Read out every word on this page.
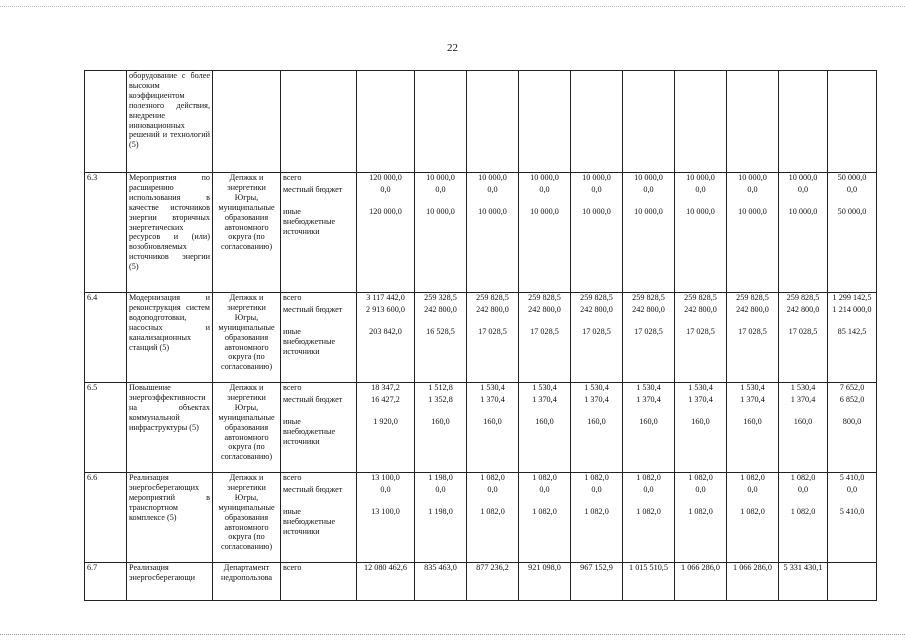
22
	оборудование с более высоким коэффициентом полезного действия, внедрение инновационных решений и технологий (5)												
6.3	Мероприятия по расширению использования в качестве источников энергии вторичных энергетических ресурсов и (или) возобновляемых источников энергии (5)	Депжкк и энергетики Югры, муниципальные образования автономного округа (по согласованию)	всего
местный бюджет
иные внебюджетные источники	120 000,0
0,0
120 000,0	10 000,0
0,0
10 000,0	10 000,0
0,0
10 000,0	10 000,0
0,0
10 000,0	10 000,0
0,0
10 000,0	10 000,0
0,0
10 000,0	10 000,0
0,0
10 000,0	10 000,0
0,0
10 000,0	10 000,0
0,0
10 000,0	50 000,0
0,0
50 000,0

6.4	Модернизация и реконструкция систем водоподготовки, насосных и канализационных станций (5)	Депжкк и энергетики Югры, муниципальные образования автономного округа (по согласованию)	всего
местный бюджет
иные внебюджетные источники	3 117 442,0
2 913 600,0
203 842,0	259 328,5
242 800,0
16 528,5	259 828,5
242 800,0
17 028,5	259 828,5
242 800,0
17 028,5	259 828,5
242 800,0
17 028,5	259 828,5
242 800,0
17 028,5	259 828,5
242 800,0
17 028,5	259 828,5
242 800,0
17 028,5	259 828,5
242 800,0
17 028,5	1 299 142,5
1 214 000,0
85 142,5

6.5	Повышение энергоэффективности на объектах коммунальной инфраструктуры (5)	Депжкк и энергетики Югры, муниципальные образования автономного округа (по согласованию)	всего
местный бюджет
иные внебюджетные источники	18 347,2
16 427,2
1 920,0	1 512,8
1 352,8
160,0	1 530,4
1 370,4
160,0	1 530,4
1 370,4
160,0	1 530,4
1 370,4
160,0	1 530,4
1 370,4
160,0	1 530,4
1 370,4
160,0	1 530,4
1 370,4
160,0	1 530,4
1 370,4
160,0	7 652,0
6 852,0
800,0

6.6	Реализация энергосберегающих мероприятий в транспортном комплексе (5)	Депжкк и энергетики Югры, муниципальные образования автономного округа (по согласованию)	всего
местный бюджет
иные внебюджетные источники	13 100,0
0,0
13 100,0	1 198,0
0,0
1 198,0	1 082,0
0,0
1 082,0	1 082,0
0,0
1 082,0	1 082,0
0,0
1 082,0	1 082,0
0,0
1 082,0	1 082,0
0,0
1 082,0	1 082,0
0,0
1 082,0	1 082,0
0,0
1 082,0	5 410,0
0,0
5 410,0

6.7	Реализация энергосберегающи	Департамент недропользова	всего	12 080 462,6	835 463,0	877 236,2	921 098,0	967 152,9	1 015 510,5	1 066 286,0	1 066 286,0	5 331 430,1	
